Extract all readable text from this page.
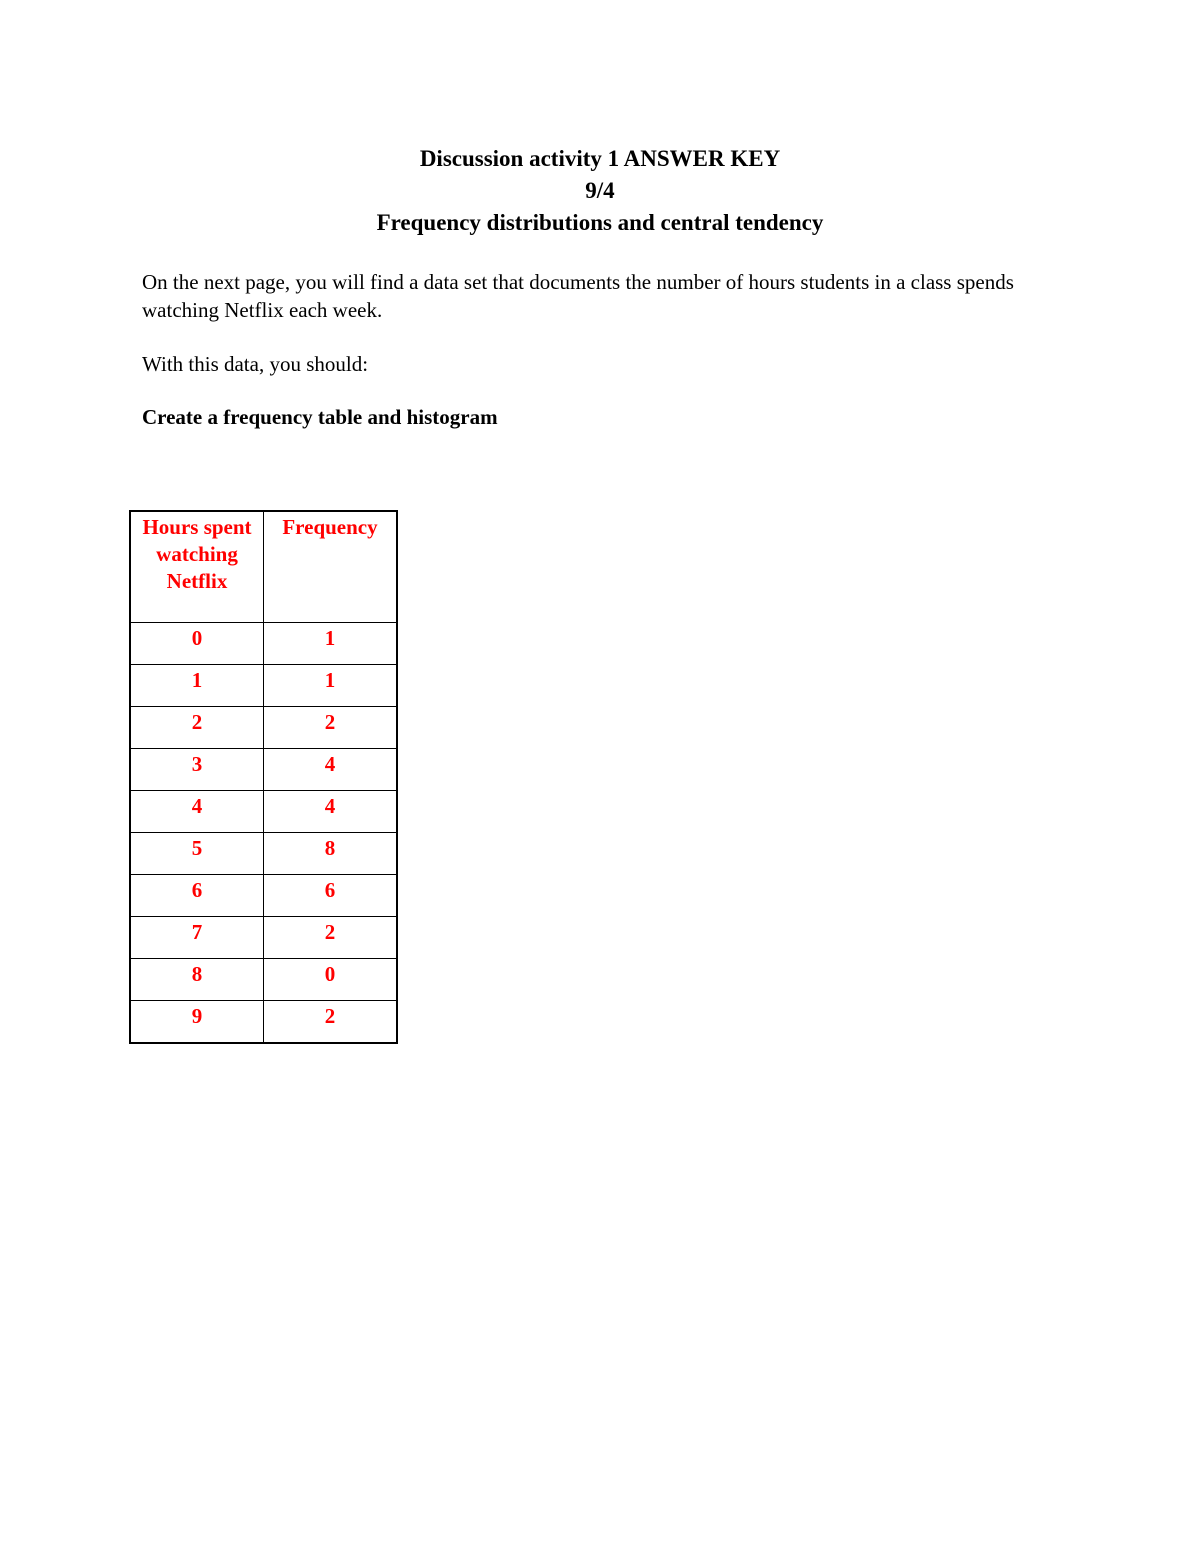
Discussion activity 1 ANSWER KEY
9/4
Frequency distributions and central tendency
On the next page, you will find a data set that documents the number of hours students in a class spends watching Netflix each week.
With this data, you should:
Create a frequency table and histogram
Hours spent watching Netflix	Frequency
0	1
1	1
2	2
3	4
4	4
5	8
6	6
7	2
8	0
9	2
